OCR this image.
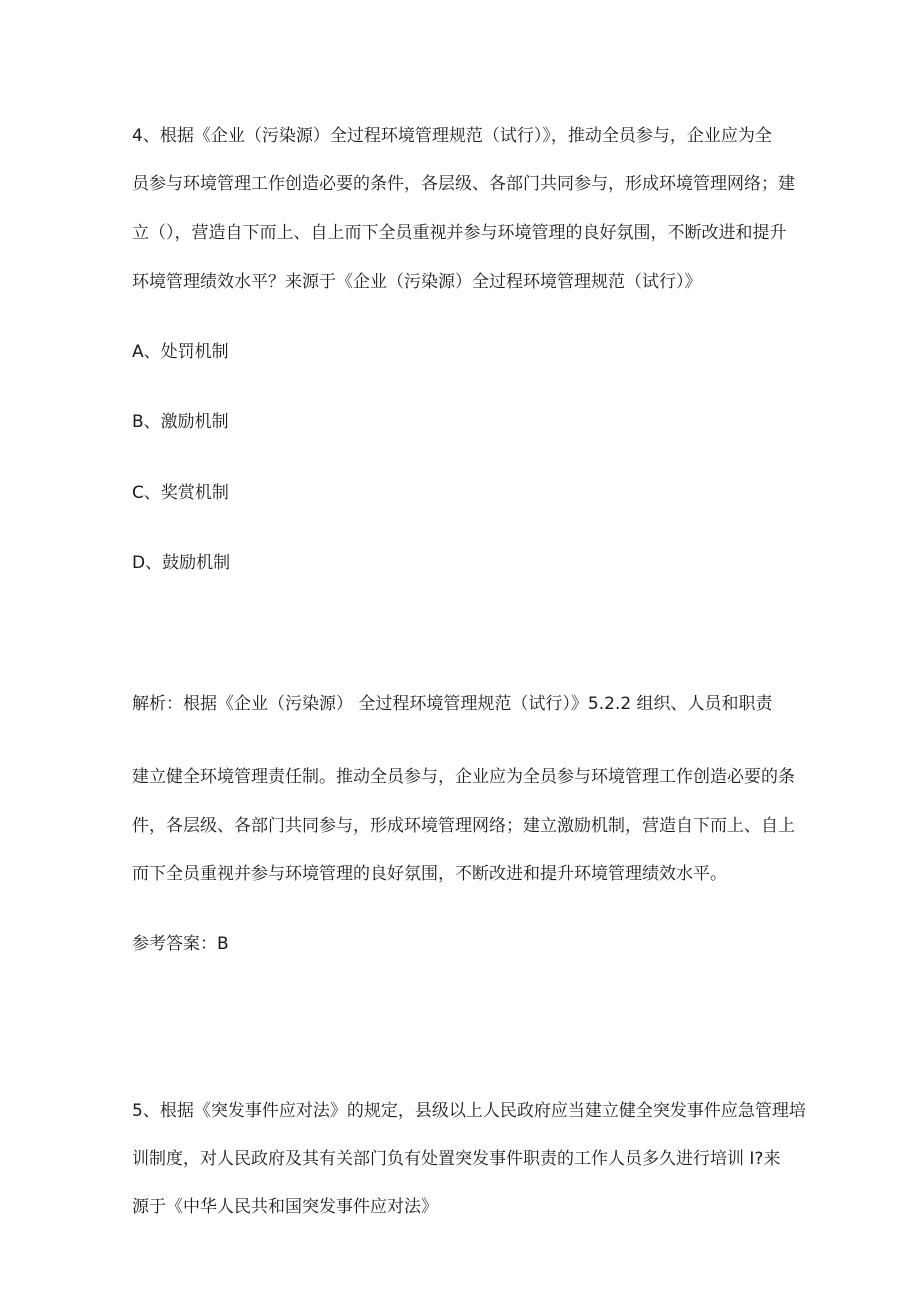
4、根据《企业（污染源）全过程环境管理规范（试行）》，推动全员参与，企业应为全
员参与环境管理工作创造必要的条件，各层级、各部门共同参与，形成环境管理网络；建
立（），营造自下而上、自上而下全员重视并参与环境管理的良好氛围，不断改进和提升
环境管理绩效水平？来源于《企业（污染源）全过程环境管理规范（试行）》
A、处罚机制
B、激励机制
C、奖赏机制
D、鼓励机制
解析：根据《企业（污染源） 全过程环境管理规范（试行）》5.2.2 组织、人员和职责
建立健全环境管理责任制。推动全员参与，企业应为全员参与环境管理工作创造必要的条
件，各层级、各部门共同参与，形成环境管理网络；建立激励机制，营造自下而上、自上
而下全员重视并参与环境管理的良好氛围，不断改进和提升环境管理绩效水平。
参考答案：B
5、根据《突发事件应对法》的规定，县级以上人民政府应当建立健全突发事件应急管理培
训制度，对人民政府及其有关部门负有处置突发事件职责的工作人员多久进行培训 I?来
源于《中华人民共和国突发事件应对法》
